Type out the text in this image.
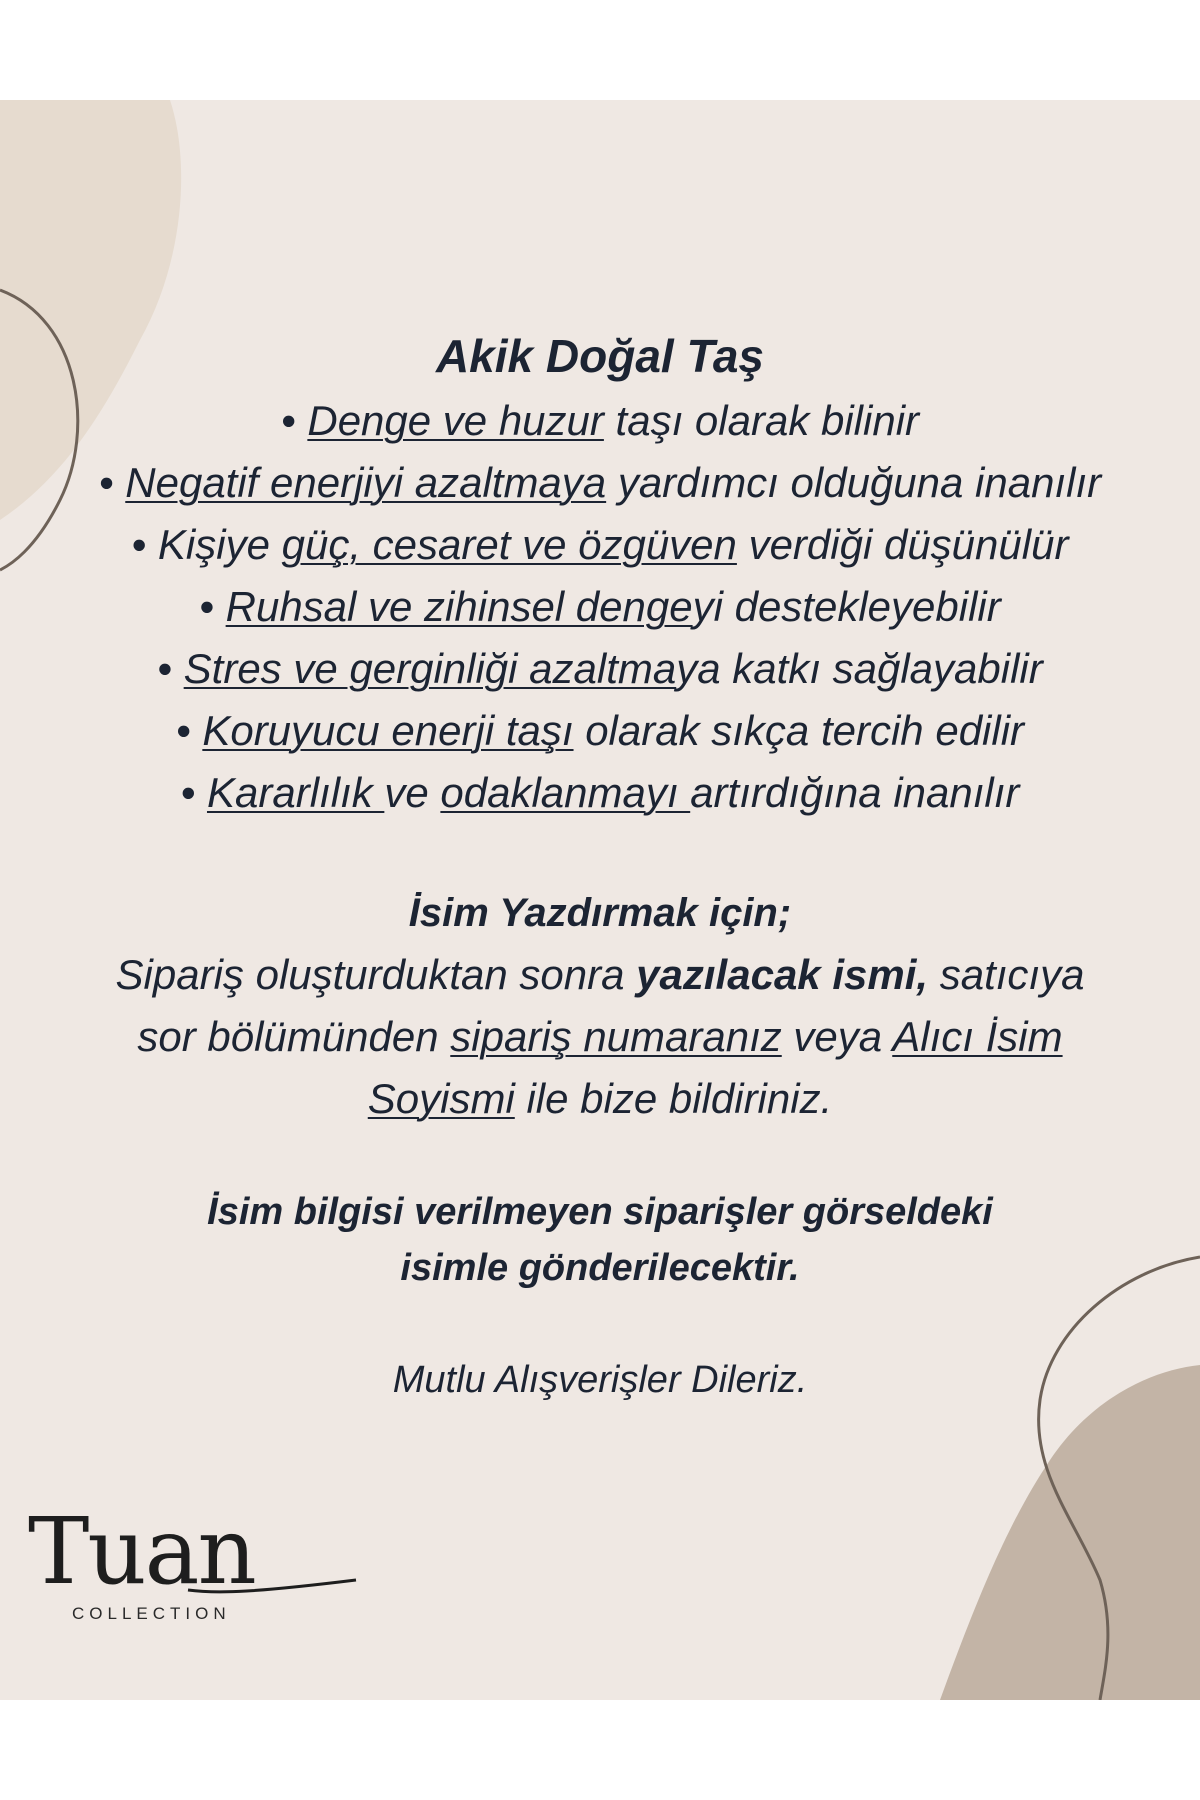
Akik Doğal Taş
• Denge ve huzur taşı olarak bilinir
• Negatif enerjiyi azaltmaya yardımcı olduğuna inanılır
• Kişiye güç, cesaret ve özgüven verdiği düşünülür
• Ruhsal ve zihinsel dengeyi destekleyebilir
• Stres ve gerginliği azaltmaya katkı sağlayabilir
• Koruyucu enerji taşı olarak sıkça tercih edilir
• Kararlılık ve odaklanmayı artırdığına inanılır
İsim Yazdırmak için;
Sipariş oluşturduktan sonra yazılacak ismi, satıcıya
sor bölümünden sipariş numaranız veya Alıcı İsim
Soyismi ile bize bildiriniz.
İsim bilgisi verilmeyen siparişler görseldeki
isimle gönderilecektir.
Mutlu Alışverişler Dileriz.
Tuan
COLLECTION
